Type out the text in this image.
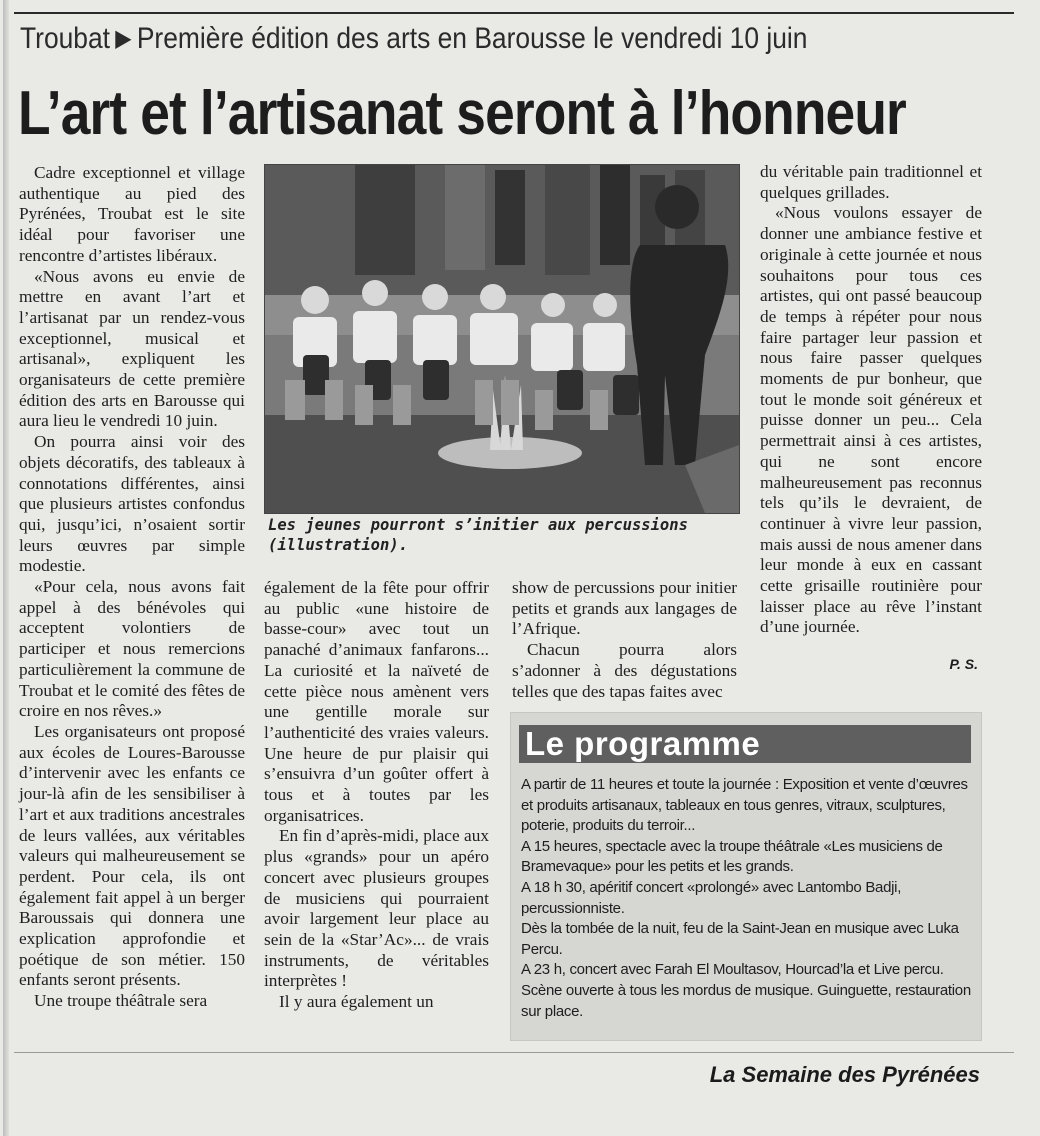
Troubat ▶ Première édition des arts en Barousse le vendredi 10 juin
L’art et l’artisanat seront à l’honneur

Cadre exceptionnel et village authentique au pied des Pyrénées, Troubat est le site idéal pour favoriser une rencontre d’artistes libéraux.

«Nous avons eu envie de mettre en avant l’art et l’artisanat par un rendez-vous exceptionnel, musical et artisanal», expliquent les organisateurs de cette première édition des arts en Barousse qui aura lieu le vendredi 10 juin.

On pourra ainsi voir des objets décoratifs, des tableaux à connotations différentes, ainsi que plusieurs artistes confondus qui, jusqu’ici, n’osaient sortir leurs œuvres par simple modestie.

«Pour cela, nous avons fait appel à des bénévoles qui acceptent volontiers de participer et nous remercions particulièrement la commune de Troubat et le comité des fêtes de croire en nos rêves.»

Les organisateurs ont proposé aux écoles de Loures-Barousse d’intervenir avec les enfants ce jour-là afin de les sensibiliser à l’art et aux traditions ancestrales de leurs vallées, aux véritables valeurs qui malheureusement se perdent. Pour cela, ils ont également fait appel à un berger Baroussais qui donnera une explication approfondie et poétique de son métier. 150 enfants seront présents.

Une troupe théâtrale sera

Les jeunes pourront s’initier aux percussions (illustration).

également de la fête pour offrir au public «une histoire de basse-cour» avec tout un panaché d’animaux fanfarons... La curiosité et la naïveté de cette pièce nous amènent vers une gentille morale sur l’authenticité des vraies valeurs. Une heure de pur plaisir qui s’ensuivra d’un goûter offert à tous et à toutes par les organisatrices.

En fin d’après-midi, place aux plus «grands» pour un apéro concert avec plusieurs groupes de musiciens qui pourraient avoir largement leur place au sein de la «Star’Ac»... de vrais instruments, de véritables interprètes !

Il y aura également un

show de percussions pour initier petits et grands aux langages de l’Afrique.

Chacun pourra alors s’adonner à des dégustations telles que des tapas faites avec

du véritable pain traditionnel et quelques grillades.

«Nous voulons essayer de donner une ambiance festive et originale à cette journée et nous souhaitons pour tous ces artistes, qui ont passé beaucoup de temps à répéter pour nous faire partager leur passion et nous faire passer quelques moments de pur bonheur, que tout le monde soit généreux et puisse donner un peu... Cela permettrait ainsi à ces artistes, qui ne sont encore malheureusement pas reconnus tels qu’ils le devraient, de continuer à vivre leur passion, mais aussi de nous amener dans leur monde à eux en cassant cette grisaille routinière pour laisser place au rêve l’instant d’une journée.

P. S.
Le programme
A partir de 11 heures et toute la journée : Exposition et vente d’œuvres et produits artisanaux, tableaux en tous genres, vitraux, sculptures, poterie, produits du terroir...
A 15 heures, spectacle avec la troupe théâtrale «Les musiciens de Bramevaque» pour les petits et les grands.
A 18 h 30, apéritif concert «prolongé» avec Lantombo Badji, percussionniste.
Dès la tombée de la nuit, feu de la Saint-Jean en musique avec Luka Percu.
A 23 h, concert avec Farah El Moultasov, Hourcad’la et Live percu. Scène ouverte à tous les mordus de musique. Guinguette, restauration sur place.
La Semaine des Pyrénées
